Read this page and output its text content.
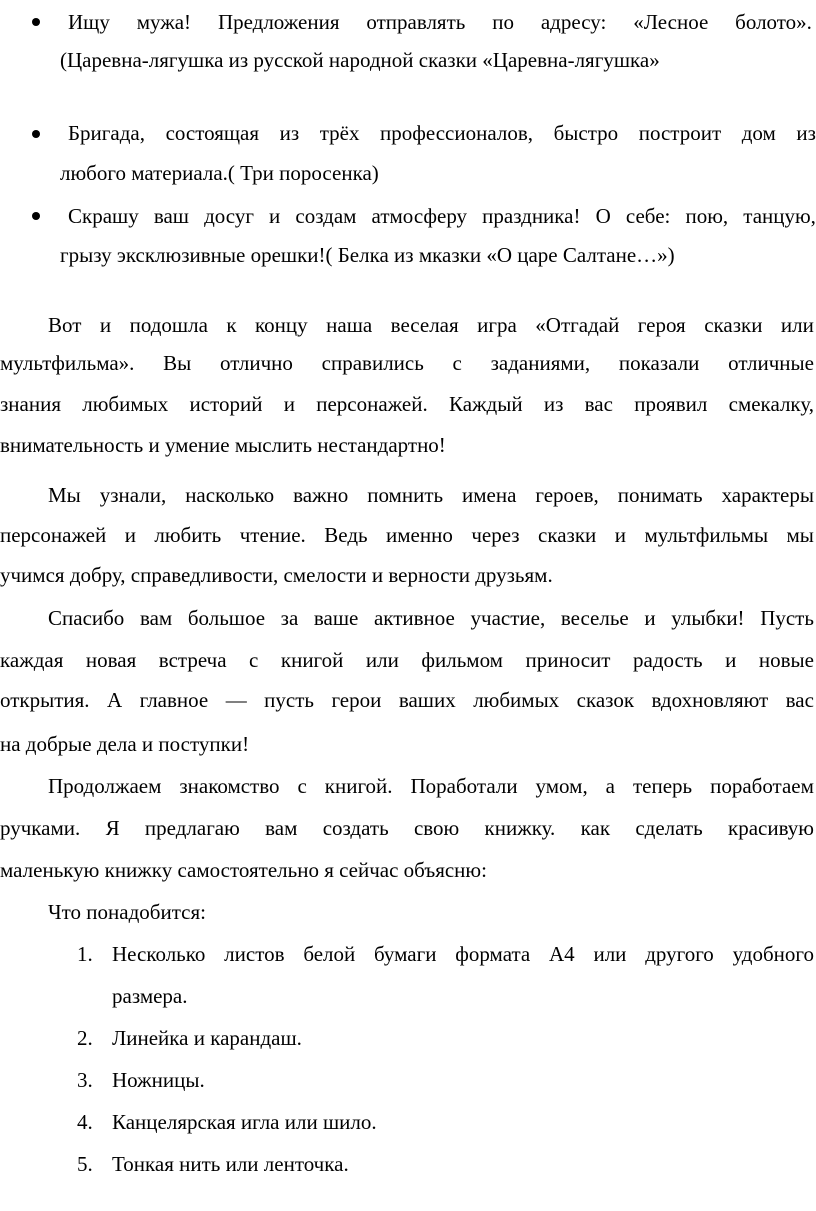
Ищу мужа! Предложения отправлять по адресу: «Лесное болото».
(Царевна-лягушка из русской народной сказки «Царевна-лягушка»
Бригада, состоящая из трёх профессионалов, быстро построит дом из
любого материала.( Три поросенка)
Скрашу ваш досуг и создам атмосферу праздника! О себе: пою, танцую,
грызу эксклюзивные орешки!( Белка из мказки «О царе Салтане…»)
Вот и подошла к концу наша веселая игра «Отгадай героя сказки или
мультфильма». Вы отлично справились с заданиями, показали отличные
знания любимых историй и персонажей. Каждый из вас проявил смекалку,
внимательность и умение мыслить нестандартно!
Мы узнали, насколько важно помнить имена героев, понимать характеры
персонажей и любить чтение. Ведь именно через сказки и мультфильмы мы
учимся добру, справедливости, смелости и верности друзьям.
Спасибо вам большое за ваше активное участие, веселье и улыбки! Пусть
каждая новая встреча с книгой или фильмом приносит радость и новые
открытия. А главное — пусть герои ваших любимых сказок вдохновляют вас
на добрые дела и поступки!
Продолжаем знакомство с книгой. Поработали умом, а теперь поработаем
ручками. Я предлагаю вам создать свою книжку. как сделать красивую
маленькую книжку самостоятельно я сейчас объясню:
Что понадобится:
1. Несколько листов белой бумаги формата А4 или другого удобного
размера.
2. Линейка и карандаш.
3. Ножницы.
4. Канцелярская игла или шило.
5. Тонкая нить или ленточка.
